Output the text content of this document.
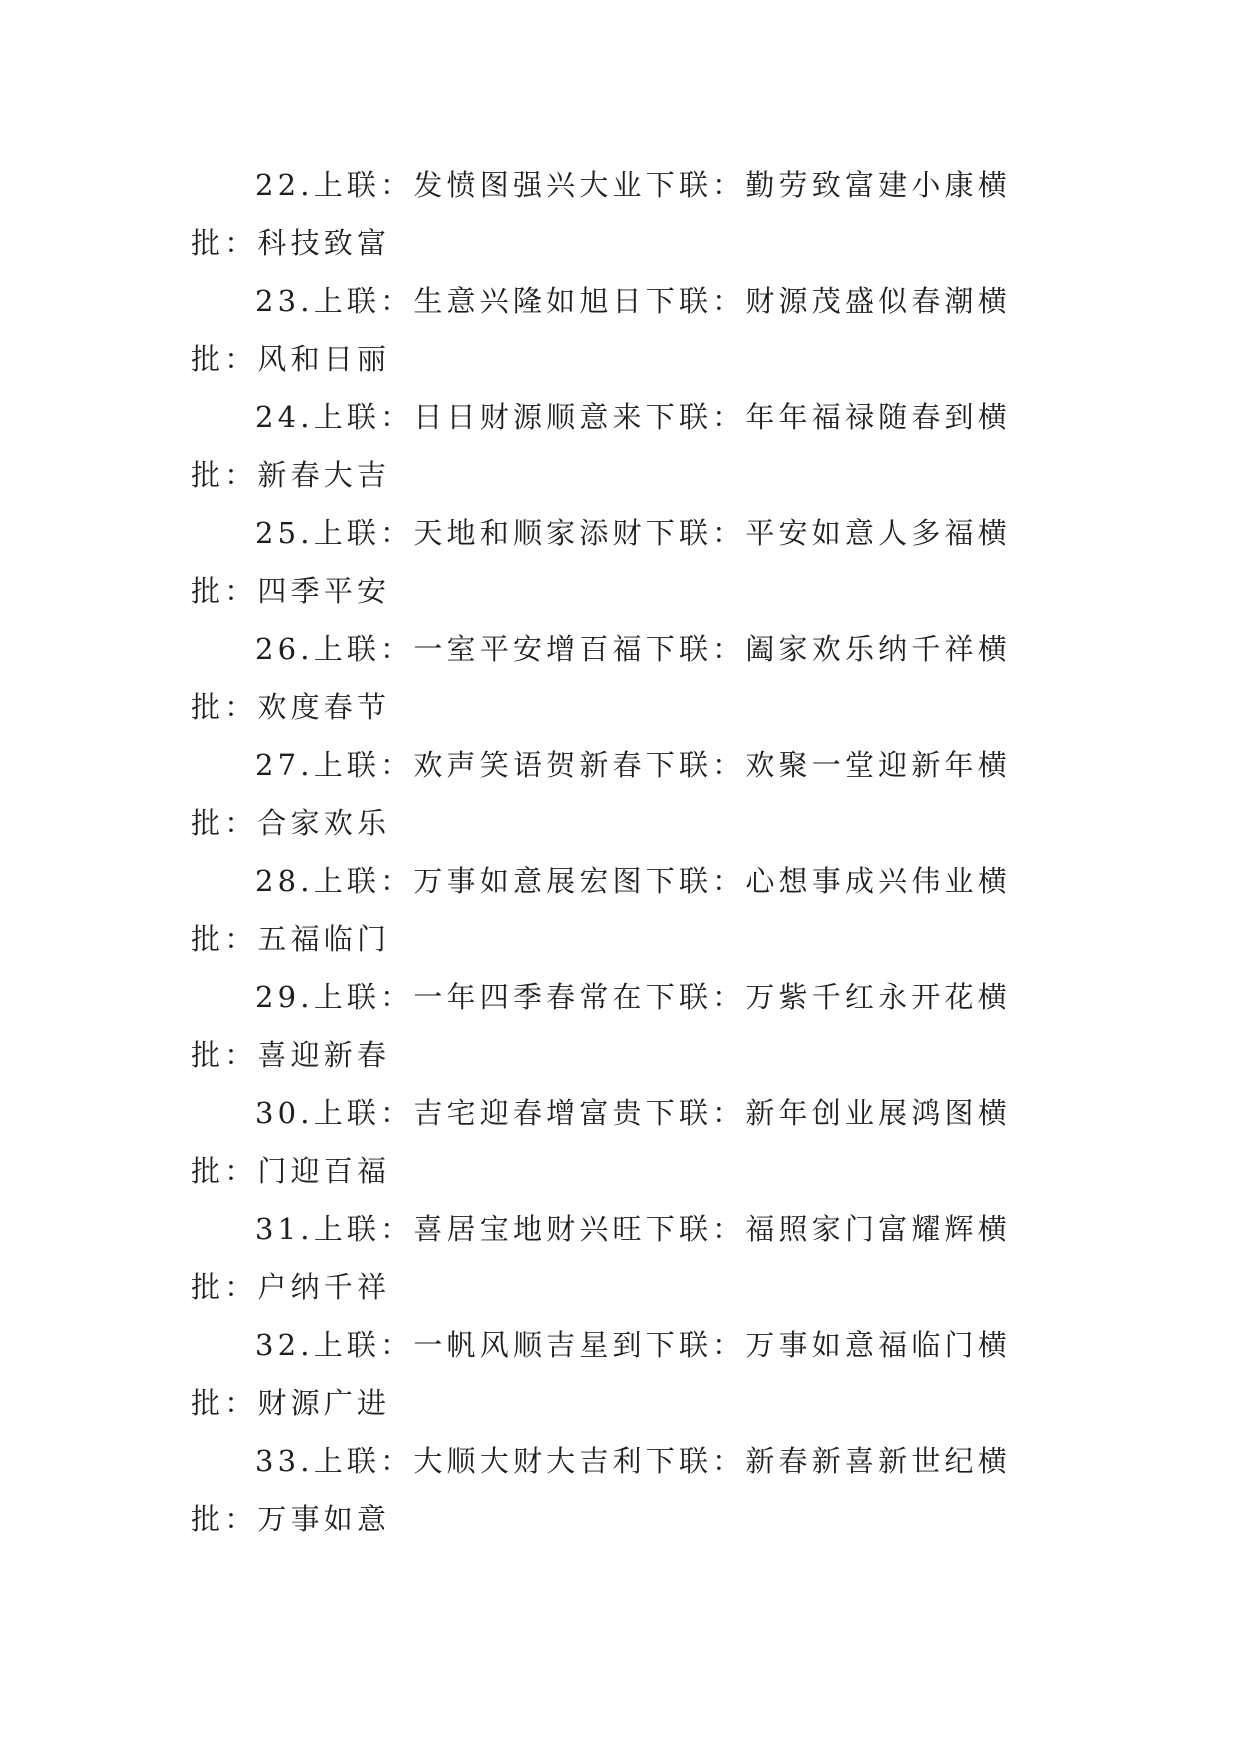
22.上联：发愤图强兴大业下联：勤劳致富建小康横批：科技致富

23.上联：生意兴隆如旭日下联：财源茂盛似春潮横批：风和日丽

24.上联：日日财源顺意来下联：年年福禄随春到横批：新春大吉

25.上联：天地和顺家添财下联：平安如意人多福横批：四季平安

26.上联：一室平安增百福下联：阖家欢乐纳千祥横批：欢度春节

27.上联：欢声笑语贺新春下联：欢聚一堂迎新年横批：合家欢乐

28.上联：万事如意展宏图下联：心想事成兴伟业横批：五福临门

29.上联：一年四季春常在下联：万紫千红永开花横批：喜迎新春

30.上联：吉宅迎春增富贵下联：新年创业展鸿图横批：门迎百福

31.上联：喜居宝地财兴旺下联：福照家门富耀辉横批：户纳千祥

32.上联：一帆风顺吉星到下联：万事如意福临门横批：财源广进

33.上联：大顺大财大吉利下联：新春新喜新世纪横批：万事如意
